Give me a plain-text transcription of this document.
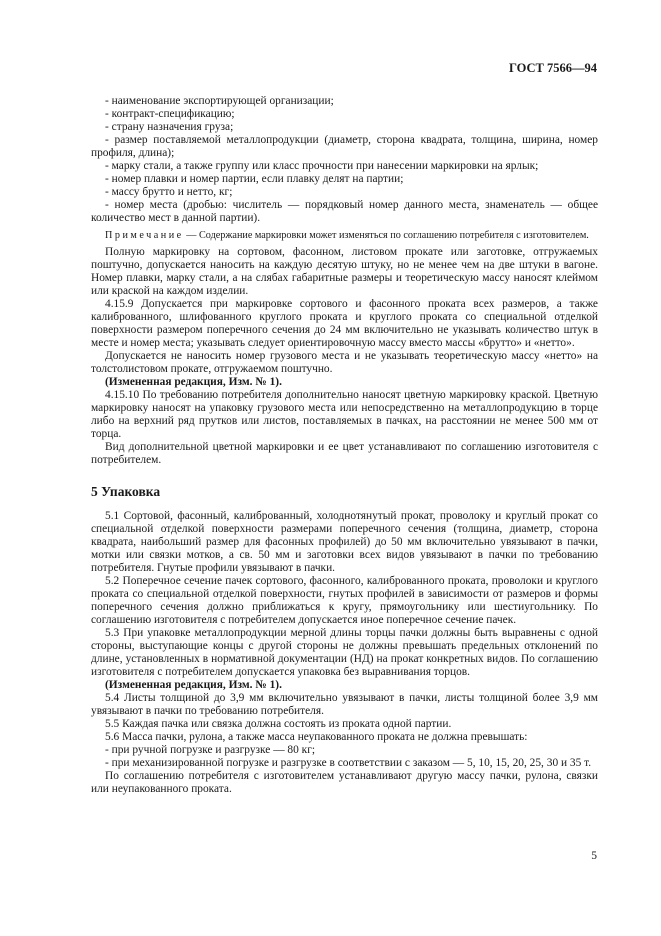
ГОСТ 7566—94

- наименование экспортирующей организации;

- контракт-спецификацию;

- страну назначения груза;

- размер поставляемой металлопродукции (диаметр, сторона квадрата, толщина, ширина, номер профиля, длина);

- марку стали, а также группу или класс прочности при нанесении маркировки на ярлык;

- номер плавки и номер партии, если плавку делят на партии;

- массу брутто и нетто, кг;

- номер места (дробью: числитель — порядковый номер данного места, знаменатель — общее количество мест в данной партии).

Примечание — Содержание маркировки может изменяться по соглашению потребителя с изготовителем.

Полную маркировку на сортовом, фасонном, листовом прокате или заготовке, отгружаемых поштучно, допускается наносить на каждую десятую штуку, но не менее чем на две штуки в вагоне. Номер плавки, марку стали, а на слябах габаритные размеры и теоретическую массу наносят клеймом или краской на каждом изделии.

4.15.9 Допускается при маркировке сортового и фасонного проката всех размеров, а также калиброванного, шлифованного круглого проката и круглого проката со специальной отделкой поверхности размером поперечного сечения до 24 мм включительно не указывать количество штук в месте и номер места; указывать следует ориентировочную массу вместо массы «брутто» и «нетто».

Допускается не наносить номер грузового места и не указывать теоретическую массу «нетто» на толстолистовом прокате, отгружаемом поштучно.

(Измененная редакция, Изм. № 1).

4.15.10 По требованию потребителя дополнительно наносят цветную маркировку краской. Цветную маркировку наносят на упаковку грузового места или непосредственно на металлопродукцию в торце либо на верхний ряд прутков или листов, поставляемых в пачках, на расстоянии не менее 500 мм от торца.

Вид дополнительной цветной маркировки и ее цвет устанавливают по соглашению изготовителя с потребителем.

5 Упаковка

5.1 Сортовой, фасонный, калиброванный, холоднотянутый прокат, проволоку и круглый прокат со специальной отделкой поверхности размерами поперечного сечения (толщина, диаметр, сторона квадрата, наибольший размер для фасонных профилей) до 50 мм включительно увязывают в пачки, мотки или связки мотков, а св. 50 мм и заготовки всех видов увязывают в пачки по требованию потребителя. Гнутые профили увязывают в пачки.

5.2 Поперечное сечение пачек сортового, фасонного, калиброванного проката, проволоки и круглого проката со специальной отделкой поверхности, гнутых профилей в зависимости от размеров и формы поперечного сечения должно приближаться к кругу, прямоугольнику или шестиугольнику. По соглашению изготовителя с потребителем допускается иное поперечное сечение пачек.

5.3 При упаковке металлопродукции мерной длины торцы пачки должны быть выравнены с одной стороны, выступающие концы с другой стороны не должны превышать предельных отклонений по длине, установленных в нормативной документации (НД) на прокат конкретных видов. По соглашению изготовителя с потребителем допускается упаковка без выравнивания торцов.

(Измененная редакция, Изм. № 1).

5.4 Листы толщиной до 3,9 мм включительно увязывают в пачки, листы толщиной более 3,9 мм увязывают в пачки по требованию потребителя.

5.5 Каждая пачка или связка должна состоять из проката одной партии.

5.6 Масса пачки, рулона, а также масса неупакованного проката не должна превышать:

- при ручной погрузке и разгрузке — 80 кг;

- при механизированной погрузке и разгрузке в соответствии с заказом — 5, 10, 15, 20, 25, 30 и 35 т.

По соглашению потребителя с изготовителем устанавливают другую массу пачки, рулона, связки или неупакованного проката.

5
